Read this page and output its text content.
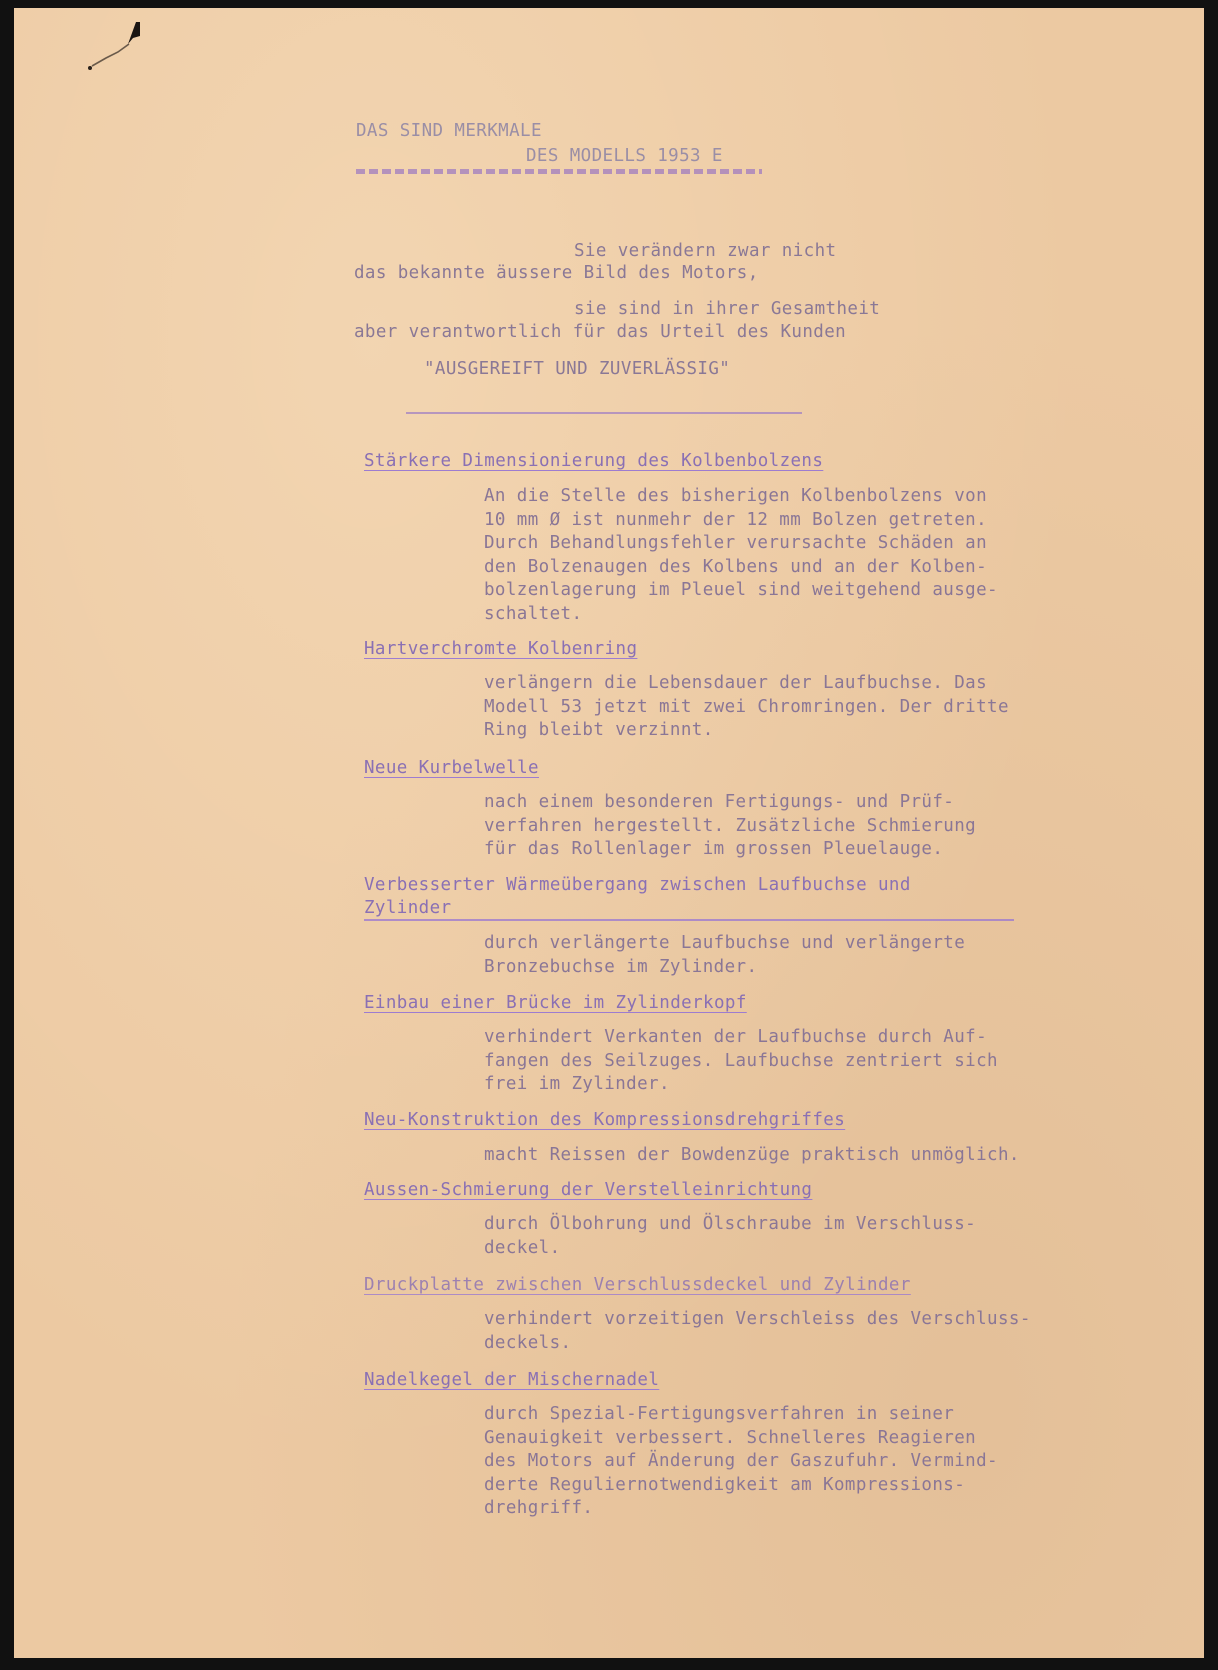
DAS SIND MERKMALE
DES MODELLS 1953 E
Sie verändern zwar nicht
das bekannte äussere Bild des Motors,
sie sind in ihrer Gesamtheit
aber verantwortlich für das Urteil des Kunden
"AUSGEREIFT UND ZUVERLÄSSIG"
Stärkere Dimensionierung des Kolbenbolzens
An die Stelle des bisherigen Kolbenbolzens von
10 mm Ø ist nunmehr der 12 mm Bolzen getreten.
Durch Behandlungsfehler verursachte Schäden an
den Bolzenaugen des Kolbens und an der Kolben-
bolzenlagerung im Pleuel sind weitgehend ausge-
schaltet.
Hartverchromte Kolbenring
verlängern die Lebensdauer der Laufbuchse. Das
Modell 53 jetzt mit zwei Chromringen. Der dritte
Ring bleibt verzinnt.
Neue Kurbelwelle
nach einem besonderen Fertigungs- und Prüf-
verfahren hergestellt. Zusätzliche Schmierung
für das Rollenlager im grossen Pleuelauge.
Verbesserter Wärmeübergang zwischen Laufbuchse und
Zylinder
durch verlängerte Laufbuchse und verlängerte
Bronzebuchse im Zylinder.
Einbau einer Brücke im Zylinderkopf
verhindert Verkanten der Laufbuchse durch Auf-
fangen des Seilzuges. Laufbuchse zentriert sich
frei im Zylinder.
Neu-Konstruktion des Kompressionsdrehgriffes
macht Reissen der Bowdenzüge praktisch unmöglich.
Aussen-Schmierung der Verstelleinrichtung
durch Ölbohrung und Ölschraube im Verschluss-
deckel.
Druckplatte zwischen Verschlussdeckel und Zylinder
verhindert vorzeitigen Verschleiss des Verschluss-
deckels.
Nadelkegel der Mischernadel
durch Spezial-Fertigungsverfahren in seiner
Genauigkeit verbessert. Schnelleres Reagieren
des Motors auf Änderung der Gaszufuhr. Vermind-
derte Reguliernotwendigkeit am Kompressions-
drehgriff.
